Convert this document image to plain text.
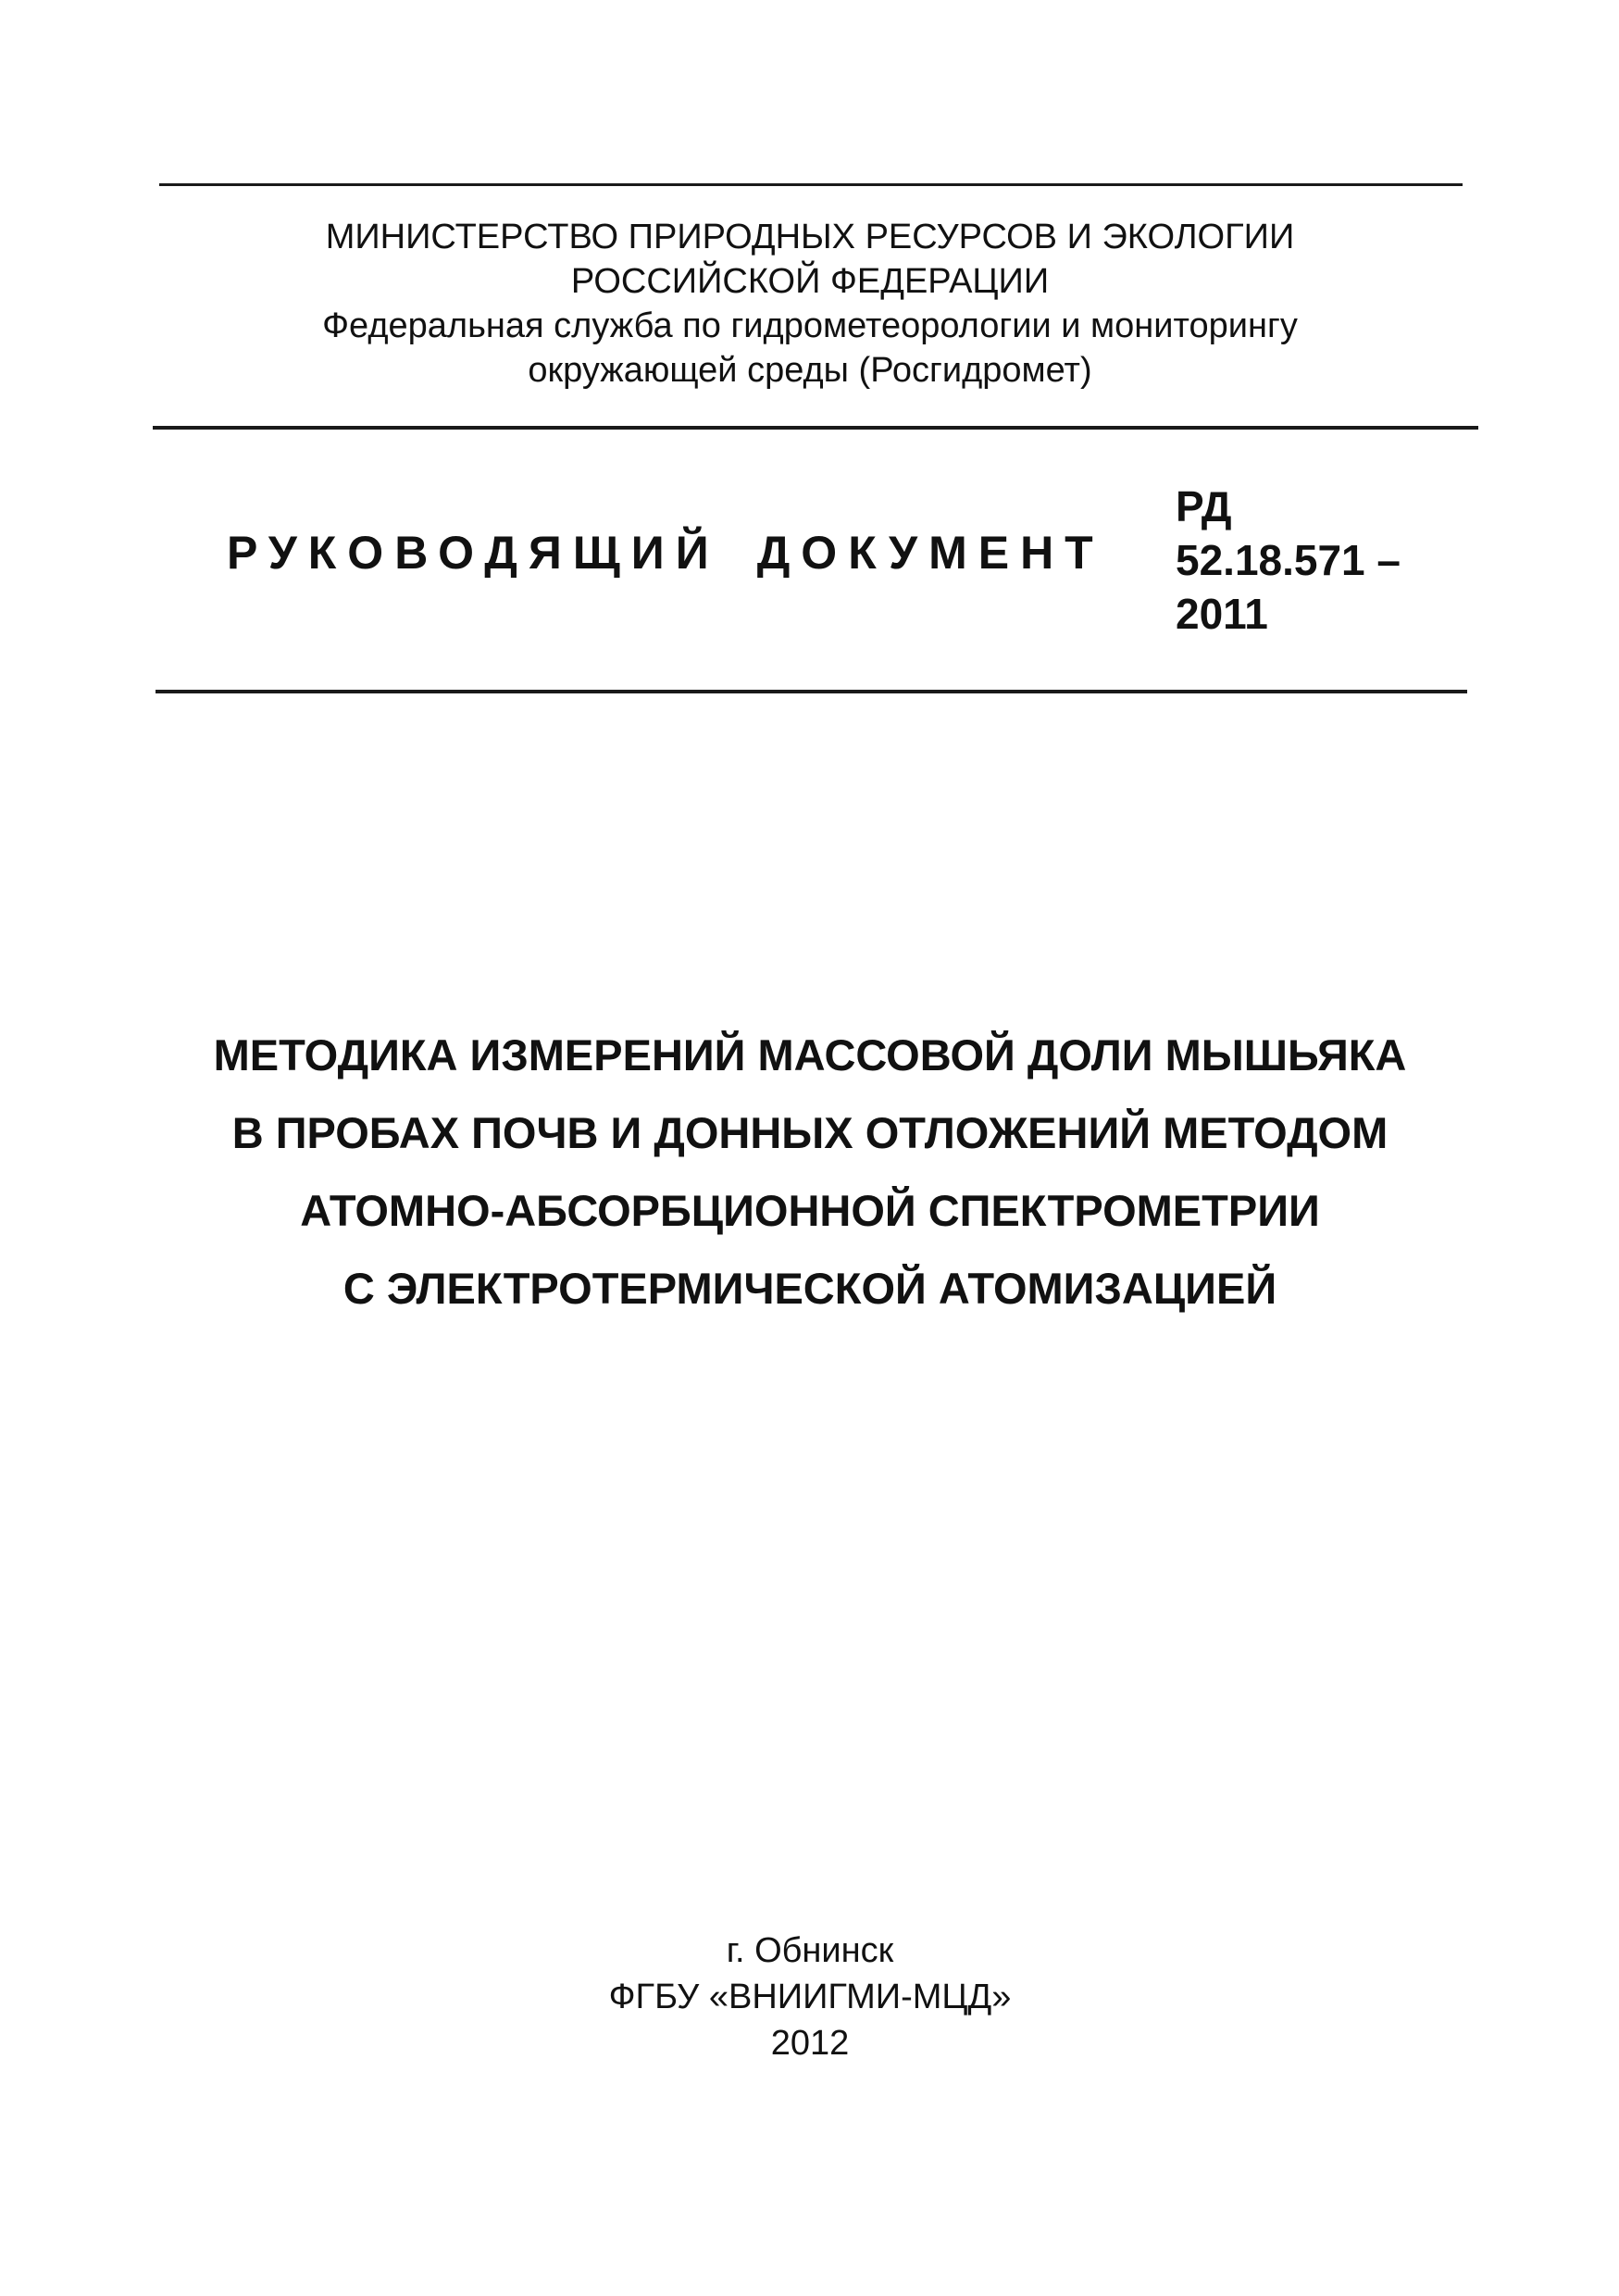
МИНИСТЕРСТВО ПРИРОДНЫХ РЕСУРСОВ И ЭКОЛОГИИ
РОССИЙСКОЙ ФЕДЕРАЦИИ
Федеральная служба по гидрометеорологии и мониторингу
окружающей среды (Росгидромет)
РУКОВОДЯЩИЙ ДОКУМЕНТ
РД
52.18.571 –
2011
МЕТОДИКА ИЗМЕРЕНИЙ МАССОВОЙ ДОЛИ МЫШЬЯКА
В ПРОБАХ ПОЧВ И ДОННЫХ ОТЛОЖЕНИЙ МЕТОДОМ
АТОМНО-АБСОРБЦИОННОЙ СПЕКТРОМЕТРИИ
С ЭЛЕКТРОТЕРМИЧЕСКОЙ АТОМИЗАЦИЕЙ
г. Обнинск
ФГБУ «ВНИИГМИ-МЦД»
2012
